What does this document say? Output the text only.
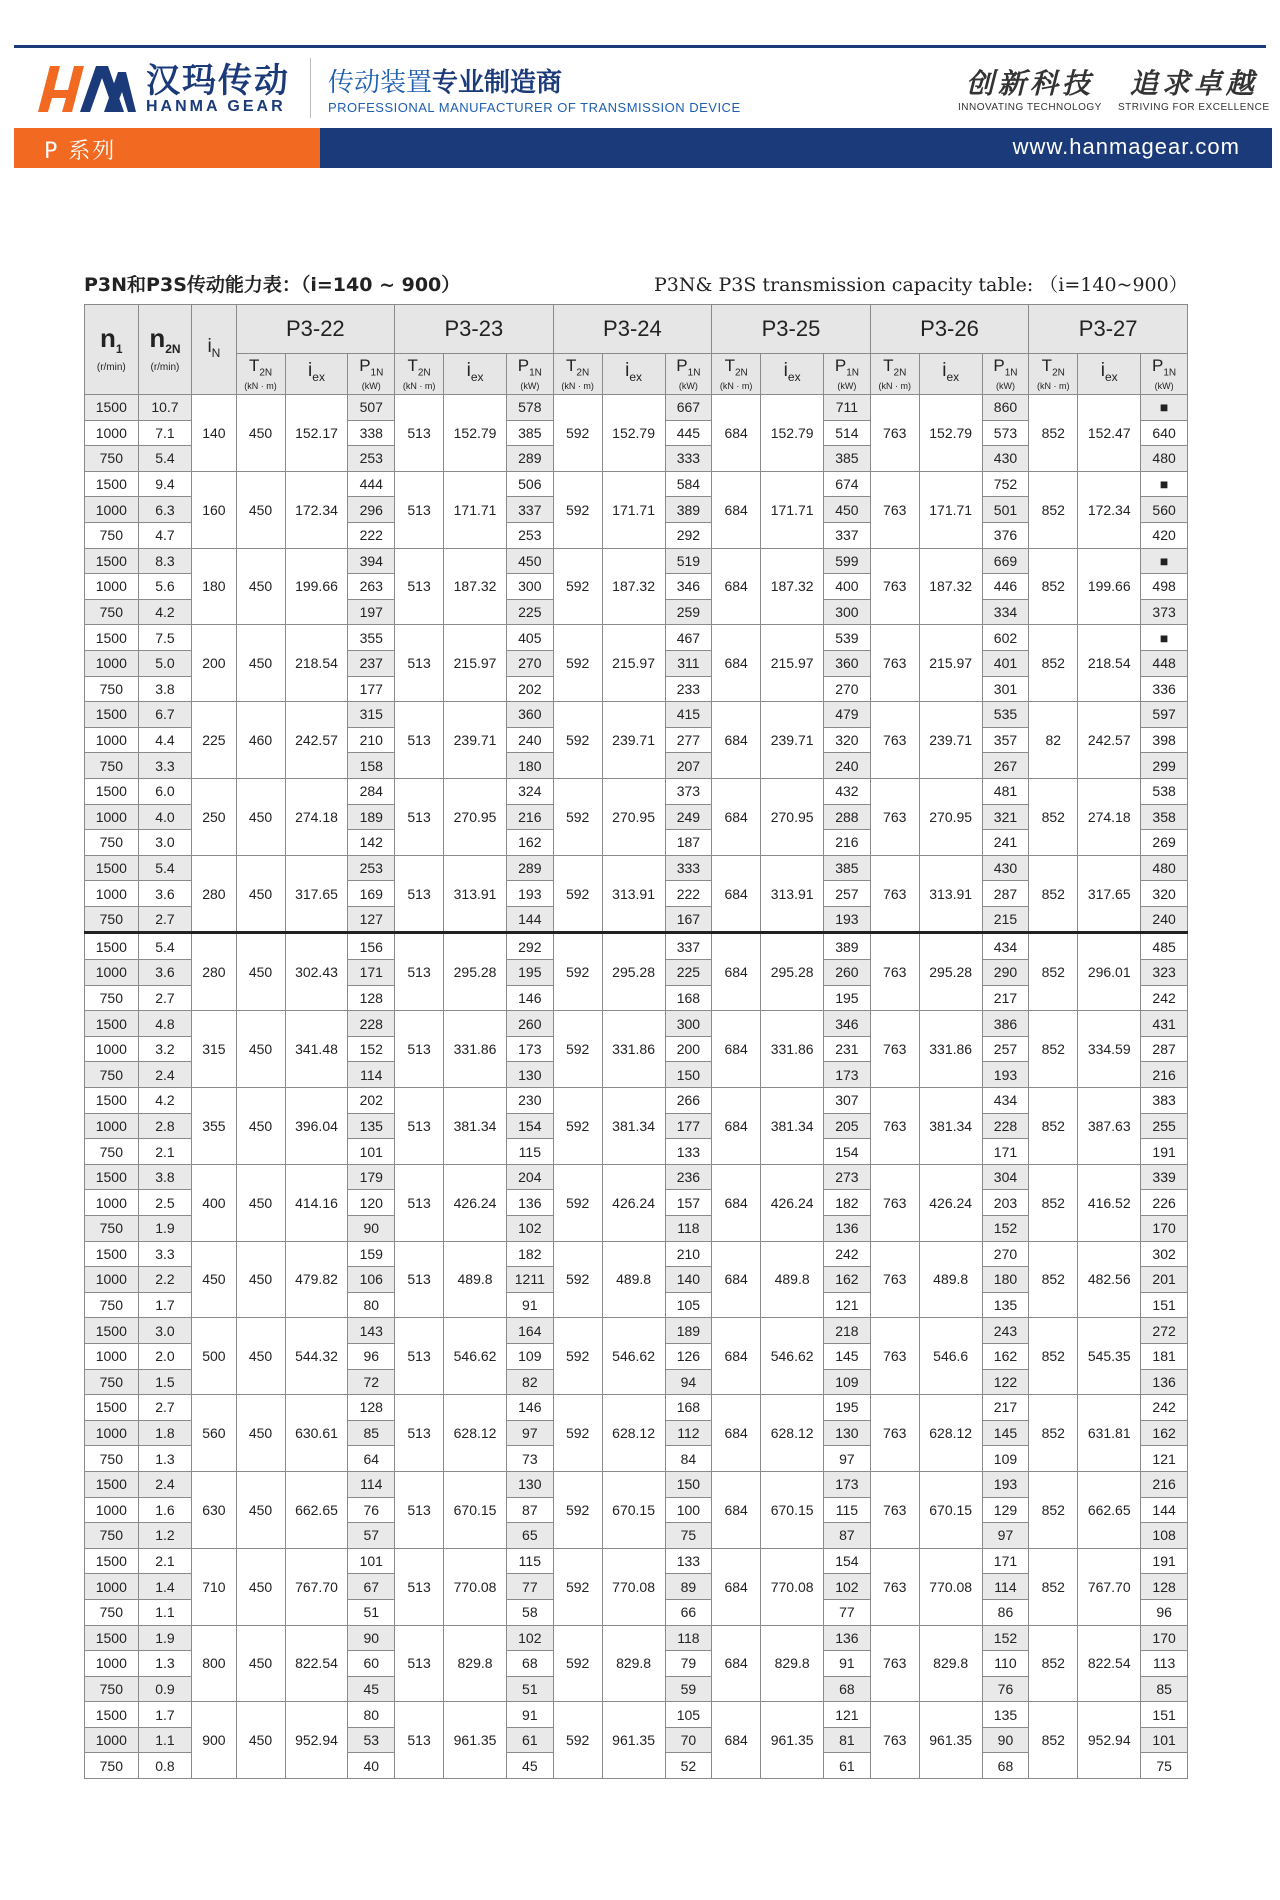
汉玛传动
HANMA GEAR
传动装置专业制造商
PROFESSIONAL MANUFACTURER OF TRANSMISSION DEVICE
创新科技
INNOVATING TECHNOLOGY
追求卓越
STRIVING FOR EXCELLENCE
P 系列	www.hanmagear.com
P3N和P3S传动能力表：（i=140 ~ 900）	P3N& P3S transmission capacity table: （i=140~900）
$n_1$
(r/min)	$n_{2N}$
(r/min)	$i_N$	P3-22			P3-23			P3-24			P3-25			P3-26			P3-27		

			$T_{2N}$
(kN · m)	$i_{ex}$	$P_{1N}$
(kW)	$T_{2N}$
(kN · m)	$i_{ex}$	$P_{1N}$
(kW)	$T_{2N}$
(kN · m)	$i_{ex}$	$P_{1N}$
(kW)	$T_{2N}$
(kN · m)	$i_{ex}$	$P_{1N}$
(kW)	$T_{2N}$
(kN · m)	$i_{ex}$	$P_{1N}$
(kW)	$T_{2N}$
(kN · m)	$i_{ex}$	$P_{1N}$
(kW)

1500	10.7	140	450	152.17	507	513	152.79	578	592	152.79	667	684	152.79	711	763	152.79	860	852	152.47	■
1000	7.1				338			385			445			514			573			640
750	5.4				253			289			333			385			430			480
1500	9.4	160	450	172.34	444	513	171.71	506	592	171.71	584	684	171.71	674	763	171.71	752	852	172.34	■
1000	6.3				296			337			389			450			501			560
750	4.7				222			253			292			337			376			420
1500	8.3	180	450	199.66	394	513	187.32	450	592	187.32	519	684	187.32	599	763	187.32	669	852	199.66	■
1000	5.6				263			300			346			400			446			498
750	4.2				197			225			259			300			334			373
1500	7.5	200	450	218.54	355	513	215.97	405	592	215.97	467	684	215.97	539	763	215.97	602	852	218.54	■
1000	5.0				237			270			311			360			401			448
750	3.8				177			202			233			270			301			336
1500	6.7	225	460	242.57	315	513	239.71	360	592	239.71	415	684	239.71	479	763	239.71	535	82	242.57	597
1000	4.4				210			240			277			320			357			398
750	3.3				158			180			207			240			267			299
1500	6.0	250	450	274.18	284	513	270.95	324	592	270.95	373	684	270.95	432	763	270.95	481	852	274.18	538
1000	4.0				189			216			249			288			321			358
750	3.0				142			162			187			216			241			269
1500	5.4	280	450	317.65	253	513	313.91	289	592	313.91	333	684	313.91	385	763	313.91	430	852	317.65	480
1000	3.6				169			193			222			257			287			320
750	2.7				127			144			167			193			215			240
1500	5.4	280	450	302.43	156	513	295.28	292	592	295.28	337	684	295.28	389	763	295.28	434	852	296.01	485
1000	3.6				171			195			225			260			290			323
750	2.7				128			146			168			195			217			242
1500	4.8	315	450	341.48	228	513	331.86	260	592	331.86	300	684	331.86	346	763	331.86	386	852	334.59	431
1000	3.2				152			173			200			231			257			287
750	2.4				114			130			150			173			193			216
1500	4.2	355	450	396.04	202	513	381.34	230	592	381.34	266	684	381.34	307	763	381.34	434	852	387.63	383
1000	2.8				135			154			177			205			228			255
750	2.1				101			115			133			154			171			191
1500	3.8	400	450	414.16	179	513	426.24	204	592	426.24	236	684	426.24	273	763	426.24	304	852	416.52	339
1000	2.5				120			136			157			182			203			226
750	1.9				90			102			118			136			152			170
1500	3.3	450	450	479.82	159	513	489.8	182	592	489.8	210	684	489.8	242	763	489.8	270	852	482.56	302
1000	2.2				106			1211			140			162			180			201
750	1.7				80			91			105			121			135			151
1500	3.0	500	450	544.32	143	513	546.62	164	592	546.62	189	684	546.62	218	763	546.6	243	852	545.35	272
1000	2.0				96			109			126			145			162			181
750	1.5				72			82			94			109			122			136
1500	2.7	560	450	630.61	128	513	628.12	146	592	628.12	168	684	628.12	195	763	628.12	217	852	631.81	242
1000	1.8				85			97			112			130			145			162
750	1.3				64			73			84			97			109			121
1500	2.4	630	450	662.65	114	513	670.15	130	592	670.15	150	684	670.15	173	763	670.15	193	852	662.65	216
1000	1.6				76			87			100			115			129			144
750	1.2				57			65			75			87			97			108
1500	2.1	710	450	767.70	101	513	770.08	115	592	770.08	133	684	770.08	154	763	770.08	171	852	767.70	191
1000	1.4				67			77			89			102			114			128
750	1.1				51			58			66			77			86			96
1500	1.9	800	450	822.54	90	513	829.8	102	592	829.8	118	684	829.8	136	763	829.8	152	852	822.54	170
1000	1.3				60			68			79			91			110			113
750	0.9				45			51			59			68			76			85
1500	1.7	900	450	952.94	80	513	961.35	91	592	961.35	105	684	961.35	121	763	961.35	135	852	952.94	151
1000	1.1				53			61			70			81			90			101
750	0.8				40			45			52			61			68			75
